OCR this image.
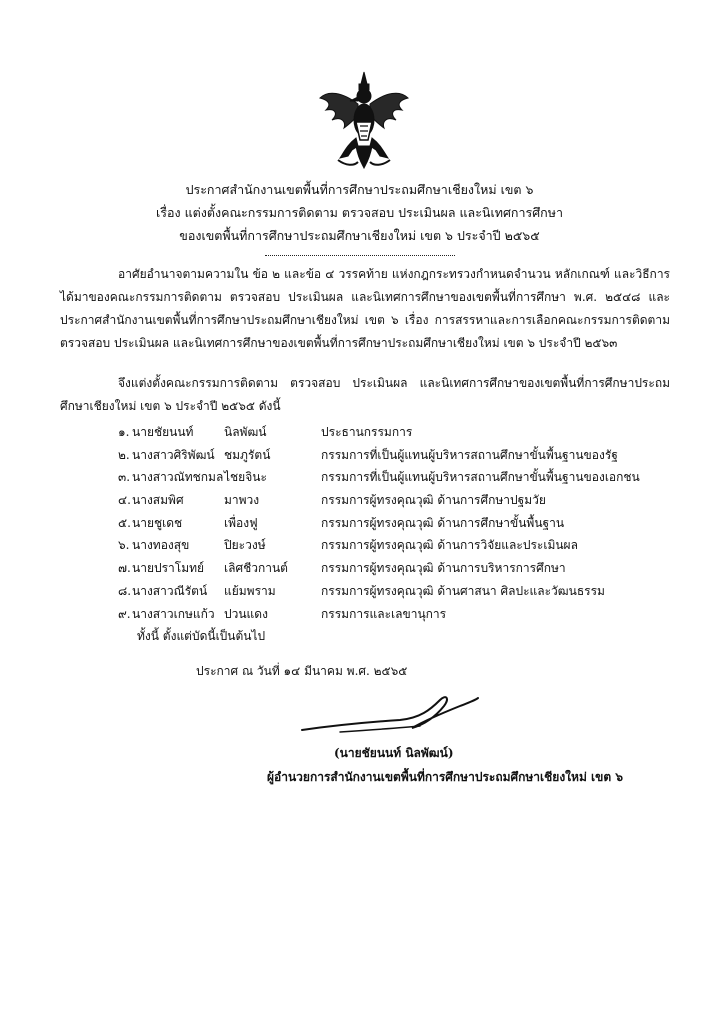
ประกาศสำนักงานเขตพื้นที่การศึกษาประถมศึกษาเชียงใหม่ เขต ๖
เรื่อง แต่งตั้งคณะกรรมการติดตาม ตรวจสอบ ประเมินผล และนิเทศการศึกษา
ของเขตพื้นที่การศึกษาประถมศึกษาเชียงใหม่ เขต ๖ ประจำปี ๒๕๖๕
อาศัยอำนาจตามความใน ข้อ ๒ และข้อ ๔ วรรคท้าย แห่งกฎกระทรวงกำหนดจำนวน หลักเกณฑ์ และวิธีการได้มาของคณะกรรมการติดตาม ตรวจสอบ ประเมินผล และนิเทศการศึกษาของเขตพื้นที่การศึกษา พ.ศ. ๒๕๔๘ และประกาศสำนักงานเขตพื้นที่การศึกษาประถมศึกษาเชียงใหม่ เขต ๖ เรื่อง การสรรหาและการเลือกคณะกรรมการติดตาม ตรวจสอบ ประเมินผล และนิเทศการศึกษาของเขตพื้นที่การศึกษาประถมศึกษาเชียงใหม่ เขต ๖ ประจำปี ๒๕๖๓
จึงแต่งตั้งคณะกรรมการติดตาม ตรวจสอบ ประเมินผล และนิเทศการศึกษาของเขตพื้นที่การศึกษาประถมศึกษาเชียงใหม่ เขต ๖ ประจำปี ๒๕๖๕ ดังนี้
๑. นายชัยนนท์	นิลพัฒน์	ประธานกรรมการ
๒. นางสาวศิริพัฒน์ ชมภูรัตน์	กรรมการที่เป็นผู้แทนผู้บริหารสถานศึกษาขั้นพื้นฐานของรัฐ
๓. นางสาวณัทชกมลไชยจินะ	กรรมการที่เป็นผู้แทนผู้บริหารสถานศึกษาขั้นพื้นฐานของเอกชน
๔.นางสมพิศ	มาพวง	กรรมการผู้ทรงคุณวุฒิ ด้านการศึกษาปฐมวัย
๕.นายชูเดช	เพื่องฟู	กรรมการผู้ทรงคุณวุฒิ ด้านการศึกษาขั้นพื้นฐาน
๖. นางทองสุข	ปิยะวงษ์	กรรมการผู้ทรงคุณวุฒิ ด้านการวิจัยและประเมินผล
๗.นายปราโมทย์ เลิศชีวกานต์	กรรมการผู้ทรงคุณวุฒิ ด้านการบริหารการศึกษา
๘.นางสาวณีรัตน์ แย้มพราม	กรรมการผู้ทรงคุณวุฒิ ด้านศาสนา ศิลปะและวัฒนธรรม
๙.นางสาวเกษแก้ว ปวนแดง	กรรมการและเลขานุการ
ทั้งนี้ ตั้งแต่บัดนี้เป็นต้นไป
ประกาศ ณ วันที่ ๑๔ มีนาคม พ.ศ. ๒๕๖๕
(นายชัยนนท์ นิลพัฒน์)
ผู้อำนวยการสำนักงานเขตพื้นที่การศึกษาประถมศึกษาเชียงใหม่ เขต ๖
